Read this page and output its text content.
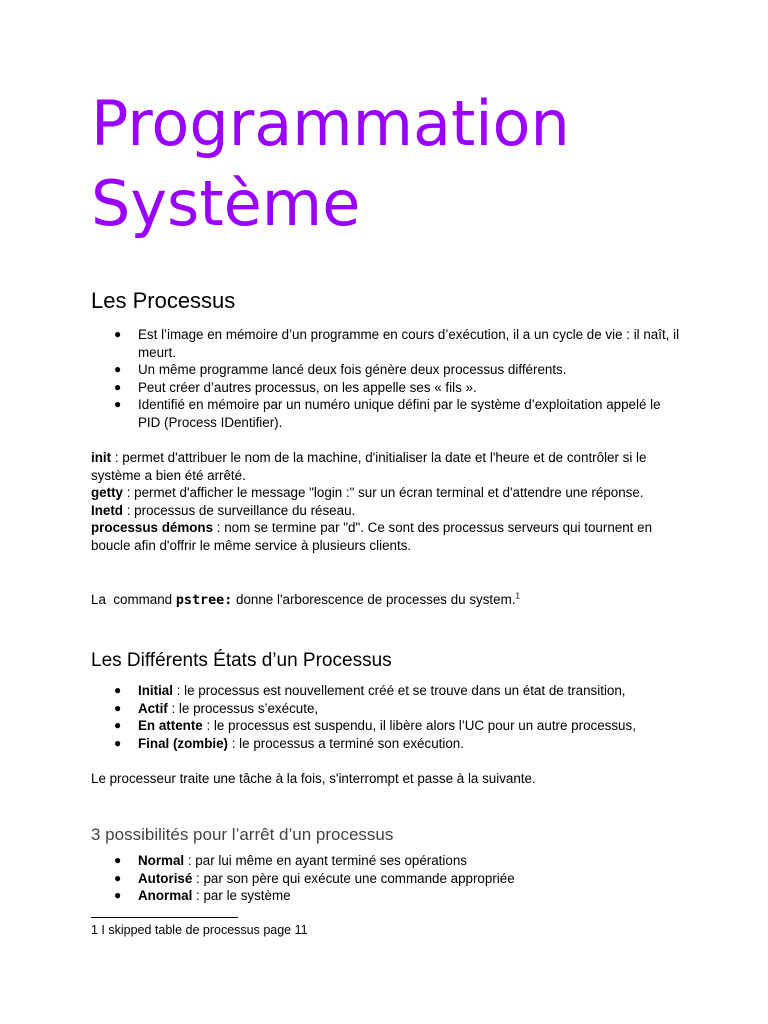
Programmation Système
Les Processus
● Est l’image en mémoire d’un programme en cours d’exécution, il a un cycle de vie : il naît, il meurt.
● Un même programme lancé deux fois génère deux processus différents.
● Peut créer d’autres processus, on les appelle ses « fils ».
● Identifié en mémoire par un numéro unique défini par le système d’exploitation appelé le PID (Process IDentifier).
init : permet d'attribuer le nom de la machine, d'initialiser la date et l'heure et de contrôler si le système a bien été arrêté.
getty : permet d'afficher le message "login :" sur un écran terminal et d'attendre une réponse.
Inetd : processus de surveillance du réseau.
processus démons : nom se termine par "d". Ce sont des processus serveurs qui tournent en boucle afin d'offrir le même service à plusieurs clients.

La  command pstree: donne l'arborescence de processes du system.$^1$

Les Différents États d’un Processus
● Initial : le processus est nouvellement créé et se trouve dans un état de transition,
● Actif : le processus s’exécute,
● En attente : le processus est suspendu, il libère alors l’UC pour un autre processus,
● Final (zombie) : le processus a terminé son exécution.

Le processeur traite une tâche à la fois, s'interrompt et passe à la suivante.

3 possibilités pour l’arrêt d’un processus
● Normal : par lui même en ayant terminé ses opérations
● Autorisé : par son père qui exécute une commande appropriée
● Anormal : par le système

1 I skipped table de processus page 11
